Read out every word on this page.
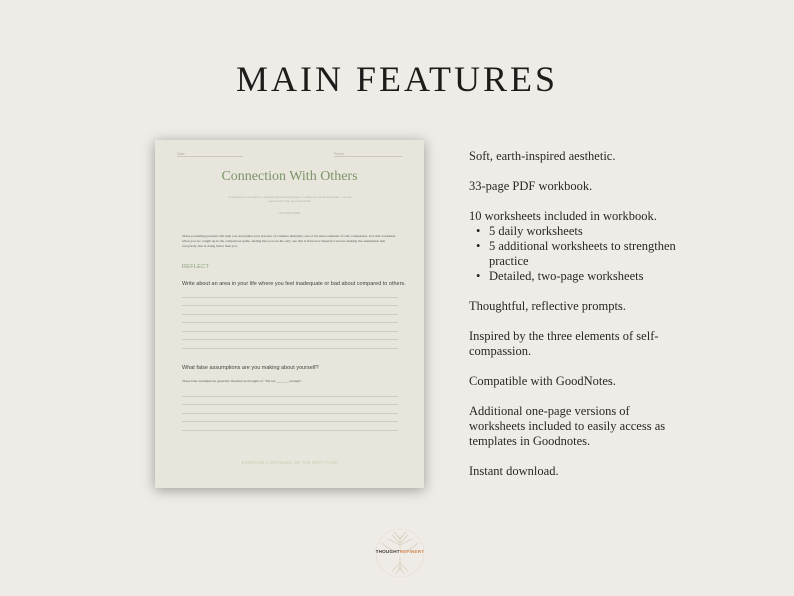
MAIN FEATURES
Date:	Phase:
Connection With Others
Compassion is an instinct, a capacity that the body knows. In reality, we are all connected — we are each a part of the great web of life.
AUTHOR NAME
These journaling prompts will help you strengthen your practice of common humanity, one of the three elements of self-compassion. Use this worksheet when you are caught up in the comparison game, feeling like you are the only one that is flawed or imperfect and are making the assumption that everybody else is doing better than you.
REFLECT
Write about an area in your life where you feel inadequate or bad about compared to others.
What false assumptions are you making about yourself?
These false assumptions generally manifest as thoughts of "I'm not _______ enough".
EXERCISE CONTINUED ON THE NEXT PAGE

Soft, earth-inspired aesthetic.

33-page PDF workbook.

10 worksheets included in workbook.
• 5 daily worksheets
• 5 additional worksheets to strengthen practice
• Detailed, two-page worksheets

Thoughtful, reflective prompts.

Inspired by the three elements of self-compassion.

Compatible with GoodNotes.

Additional one-page versions of worksheets included to easily access as templates in Goodnotes.

Instant download.

THOUGHTREFINERY
